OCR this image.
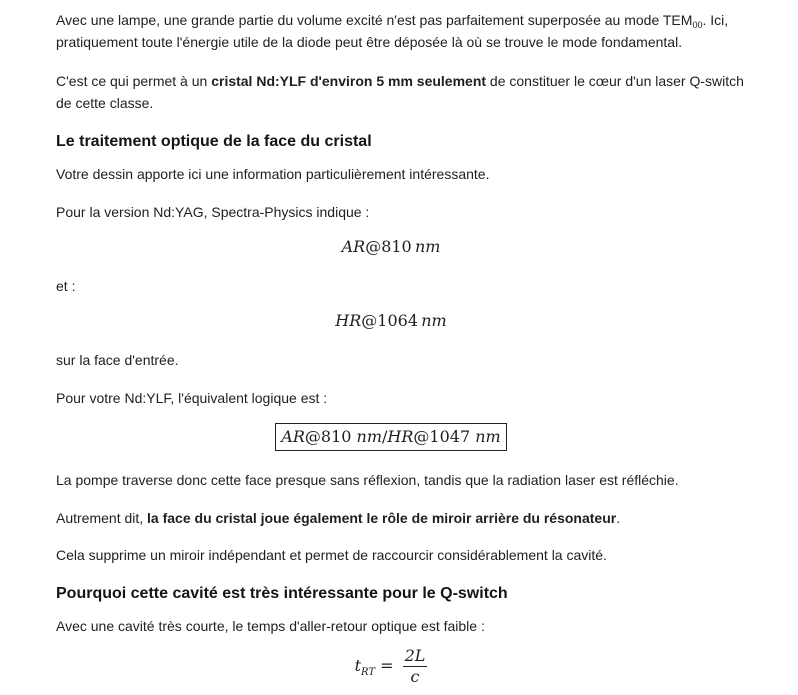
Avec une lampe, une grande partie du volume excité n'est pas parfaitement superposée au mode $TEM_{00}$. Ici,

pratiquement toute l'énergie utile de la diode peut être déposée là où se trouve le mode fondamental.

C'est ce qui permet à un cristal Nd:YLF d'environ 5 mm seulement de constituer le cœur d'un laser Q-switch

de cette classe.

Le traitement optique de la face du cristal

Votre dessin apporte ici une information particulièrement intéressante.

Pour la version Nd:YAG, Spectra-Physics indique :

AR@810  nm

et :

HR@1064  nm

sur la face d'entrée.

Pour votre Nd:YLF, l'équivalent logique est :

AR@810 nm/HR@1047 nm

La pompe traverse donc cette face presque sans réflexion, tandis que la radiation laser est réfléchie.

Autrement dit, la face du cristal joue également le rôle de miroir arrière du résonateur.

Cela supprime un miroir indépendant et permet de raccourcir considérablement la cavité.

Pourquoi cette cavité est très intéressante pour le Q-switch

Avec une cavité très courte, le temps d'aller-retour optique est faible :

$t_{RT} = \frac{2L}{c}$
